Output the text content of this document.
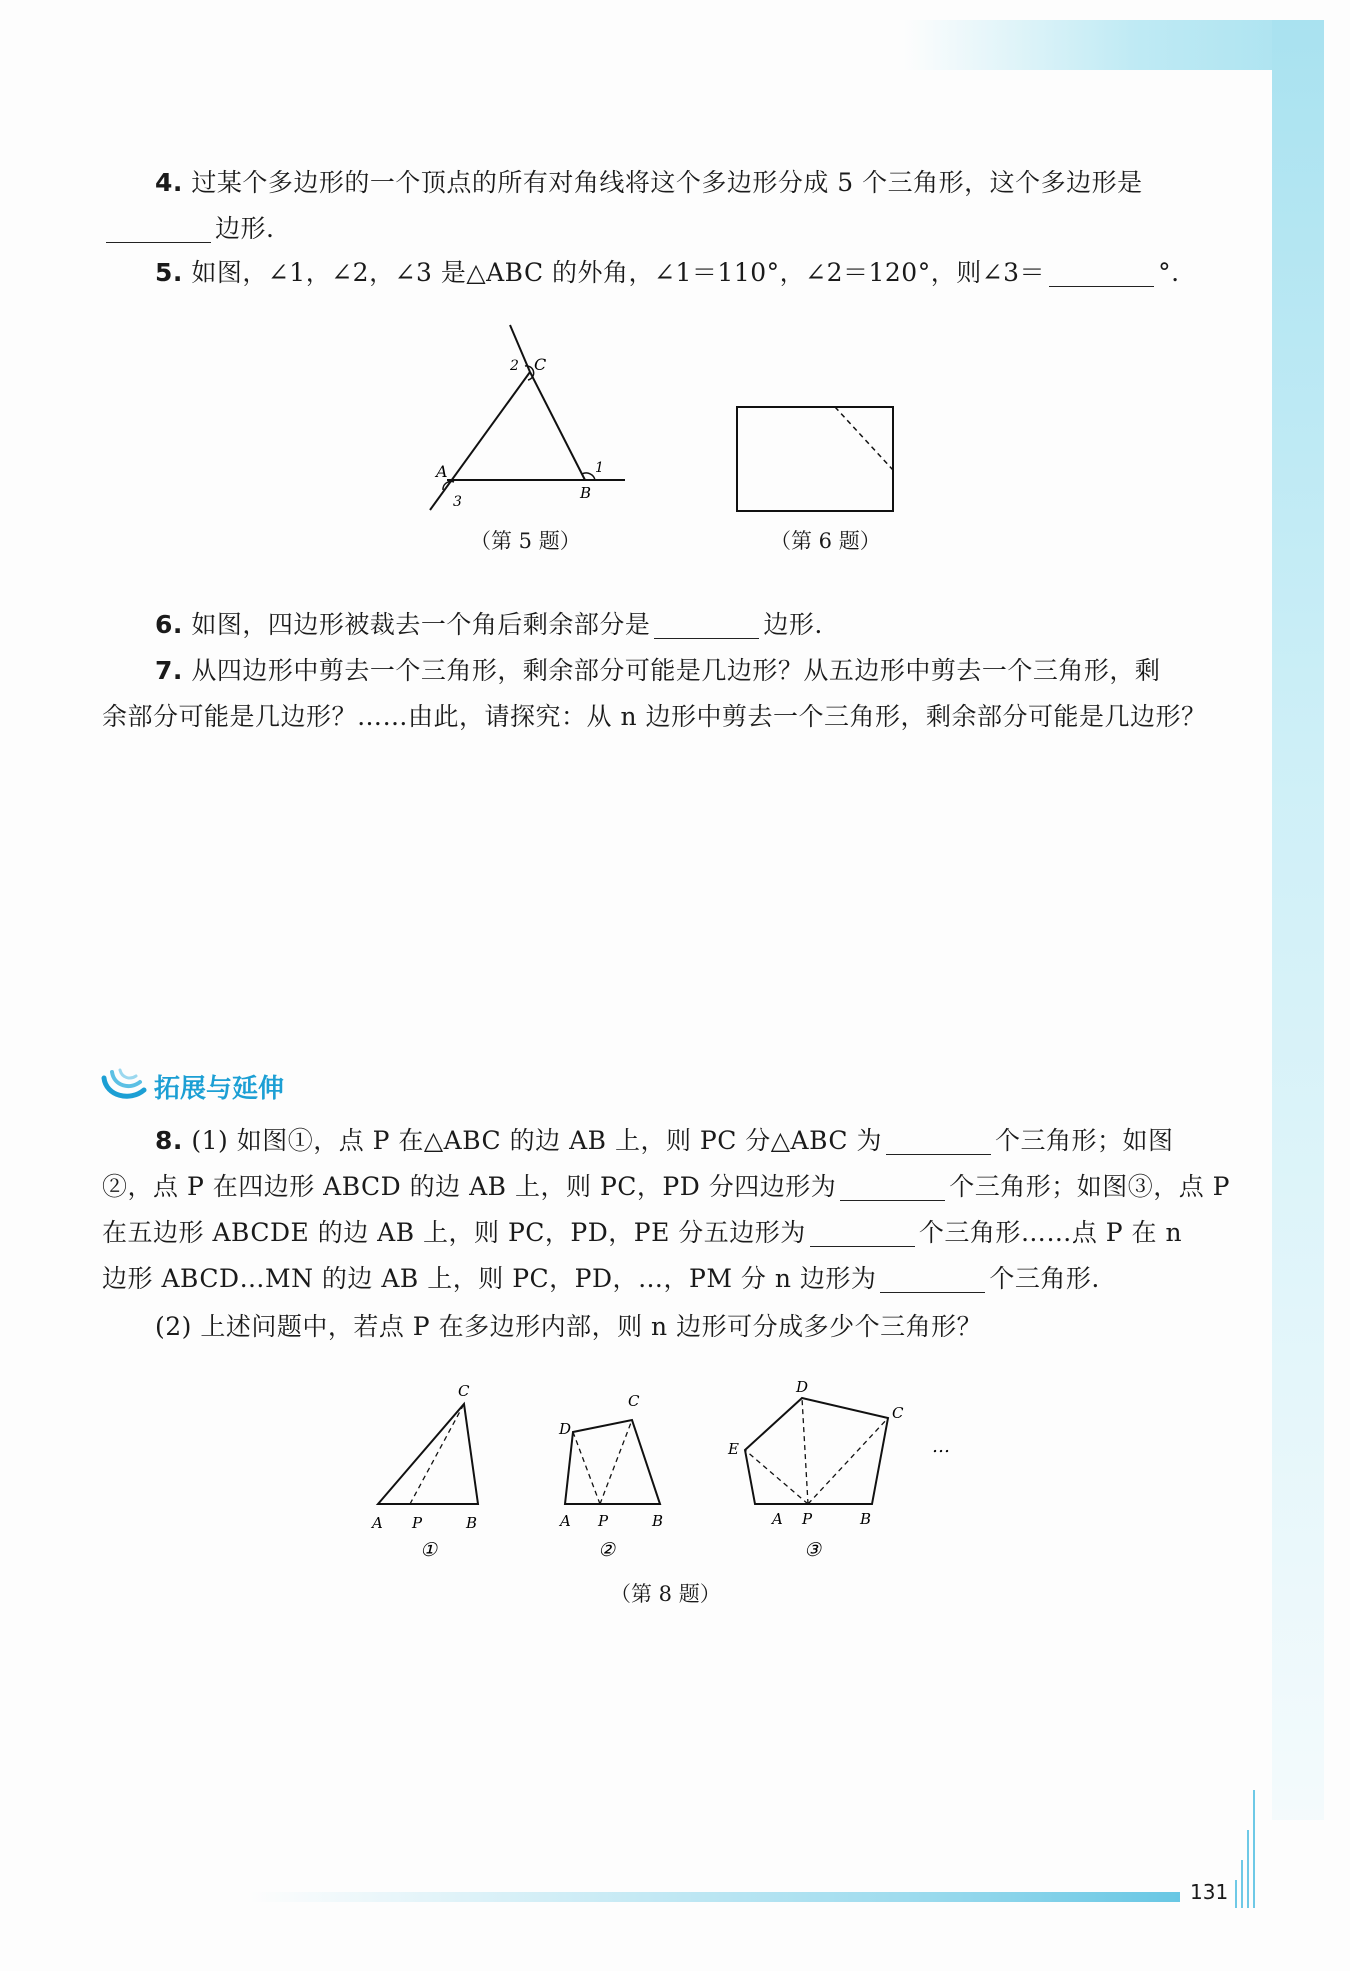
4. 过某个多边形的一个顶点的所有对角线将这个多边形分成 5 个三角形，这个多边形是
边形.
5. 如图，∠1，∠2，∠3 是△ABC 的外角，∠1＝110°，∠2＝120°，则∠3＝	°.
A
B
C
1
2
3
（第 5 题）	（第 6 题）
6. 如图，四边形被裁去一个角后剩余部分是	边形.
7. 从四边形中剪去一个三角形，剩余部分可能是几边形？从五边形中剪去一个三角形，剩
余部分可能是几边形？……由此，请探究：从 n 边形中剪去一个三角形，剩余部分可能是几边形？
拓展与延伸
8. (1) 如图①，点 P 在△ABC 的边 AB 上，则 PC 分△ABC 为	个三角形；如图
②，点 P 在四边形 ABCD 的边 AB 上，则 PC，PD 分四边形为	个三角形；如图③，点 P
在五边形 ABCDE 的边 AB 上，则 PC，PD，PE 分五边形为	个三角形……点 P 在 n
边形 ABCD…MN 的边 AB 上，则 PC，PD，…，PM 分 n 边形为	个三角形.
(2) 上述问题中，若点 P 在多边形内部，则 n 边形可分成多少个三角形？
A P	B
C
①
A P	B
C
D
②
A P	B
C
D
E
③
…
（第 8 题）
131
